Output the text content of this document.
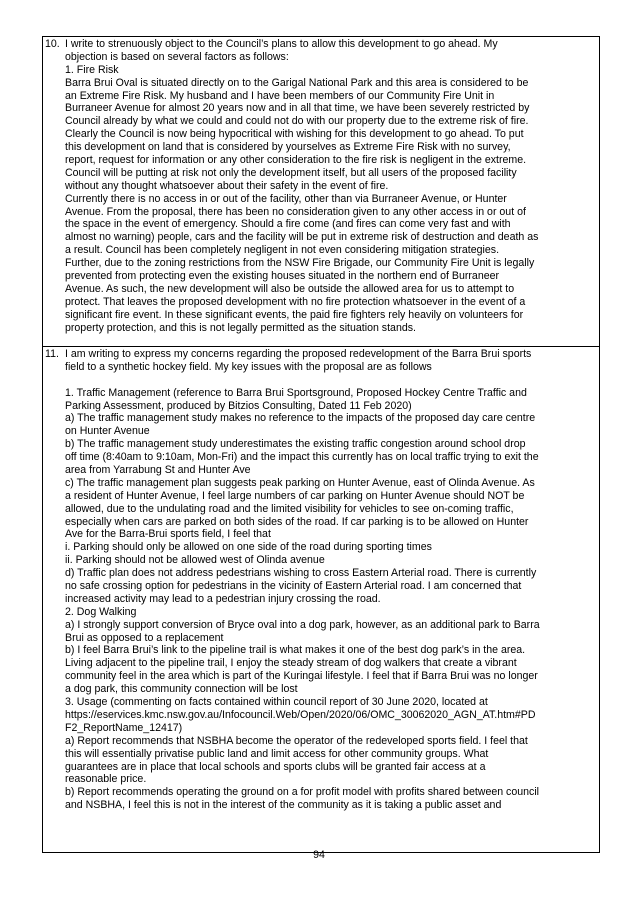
10. I write to strenuously object to the Council’s plans to allow this development to go ahead. My
objection is based on several factors as follows:
1. Fire Risk
Barra Brui Oval is situated directly on to the Garigal National Park and this area is considered to be
an Extreme Fire Risk. My husband and I have been members of our Community Fire Unit in
Burraneer Avenue for almost 20 years now and in all that time, we have been severely restricted by
Council already by what we could and could not do with our property due to the extreme risk of fire.
Clearly the Council is now being hypocritical with wishing for this development to go ahead. To put
this development on land that is considered by yourselves as Extreme Fire Risk with no survey,
report, request for information or any other consideration to the fire risk is negligent in the extreme.
Council will be putting at risk not only the development itself, but all users of the proposed facility
without any thought whatsoever about their safety in the event of fire.
Currently there is no access in or out of the facility, other than via Burraneer Avenue, or Hunter
Avenue. From the proposal, there has been no consideration given to any other access in or out of
the space in the event of emergency. Should a fire come (and fires can come very fast and with
almost no warning) people, cars and the facility will be put in extreme risk of destruction and death as
a result. Council has been completely negligent in not even considering mitigation strategies.
Further, due to the zoning restrictions from the NSW Fire Brigade, our Community Fire Unit is legally
prevented from protecting even the existing houses situated in the northern end of Burraneer
Avenue. As such, the new development will also be outside the allowed area for us to attempt to
protect. That leaves the proposed development with no fire protection whatsoever in the event of a
significant fire event. In these significant events, the paid fire fighters rely heavily on volunteers for
property protection, and this is not legally permitted as the situation stands.
11. I am writing to express my concerns regarding the proposed redevelopment of the Barra Brui sports
field to a synthetic hockey field. My key issues with the proposal are as follows
1. Traffic Management (reference to Barra Brui Sportsground, Proposed Hockey Centre Traffic and
Parking Assessment, produced by Bitzios Consulting, Dated 11 Feb 2020)
a) The traffic management study makes no reference to the impacts of the proposed day care centre
on Hunter Avenue
b) The traffic management study underestimates the existing traffic congestion around school drop
off time (8:40am to 9:10am, Mon-Fri) and the impact this currently has on local traffic trying to exit the
area from Yarrabung St and Hunter Ave
c) The traffic management plan suggests peak parking on Hunter Avenue, east of Olinda Avenue. As
a resident of Hunter Avenue, I feel large numbers of car parking on Hunter Avenue should NOT be
allowed, due to the undulating road and the limited visibility for vehicles to see on-coming traffic,
especially when cars are parked on both sides of the road. If car parking is to be allowed on Hunter
Ave for the Barra-Brui sports field, I feel that
i. Parking should only be allowed on one side of the road during sporting times
ii. Parking should not be allowed west of Olinda avenue
d) Traffic plan does not address pedestrians wishing to cross Eastern Arterial road. There is currently
no safe crossing option for pedestrians in the vicinity of Eastern Arterial road. I am concerned that
increased activity may lead to a pedestrian injury crossing the road.
2. Dog Walking
a) I strongly support conversion of Bryce oval into a dog park, however, as an additional park to Barra
Brui as opposed to a replacement
b) I feel Barra Brui’s link to the pipeline trail is what makes it one of the best dog park’s in the area.
Living adjacent to the pipeline trail, I enjoy the steady stream of dog walkers that create a vibrant
community feel in the area which is part of the Kuringai lifestyle. I feel that if Barra Brui was no longer
a dog park, this community connection will be lost
3. Usage (commenting on facts contained within council report of 30 June 2020, located at
https://eservices.kmc.nsw.gov.au/Infocouncil.Web/Open/2020/06/OMC_30062020_AGN_AT.htm#PD
F2_ReportName_12417)
a) Report recommends that NSBHA become the operator of the redeveloped sports field. I feel that
this will essentially privatise public land and limit access for other community groups. What
guarantees are in place that local schools and sports clubs will be granted fair access at a
reasonable price.
b) Report recommends operating the ground on a for profit model with profits shared between council
and NSBHA, I feel this is not in the interest of the community as it is taking a public asset and
94
